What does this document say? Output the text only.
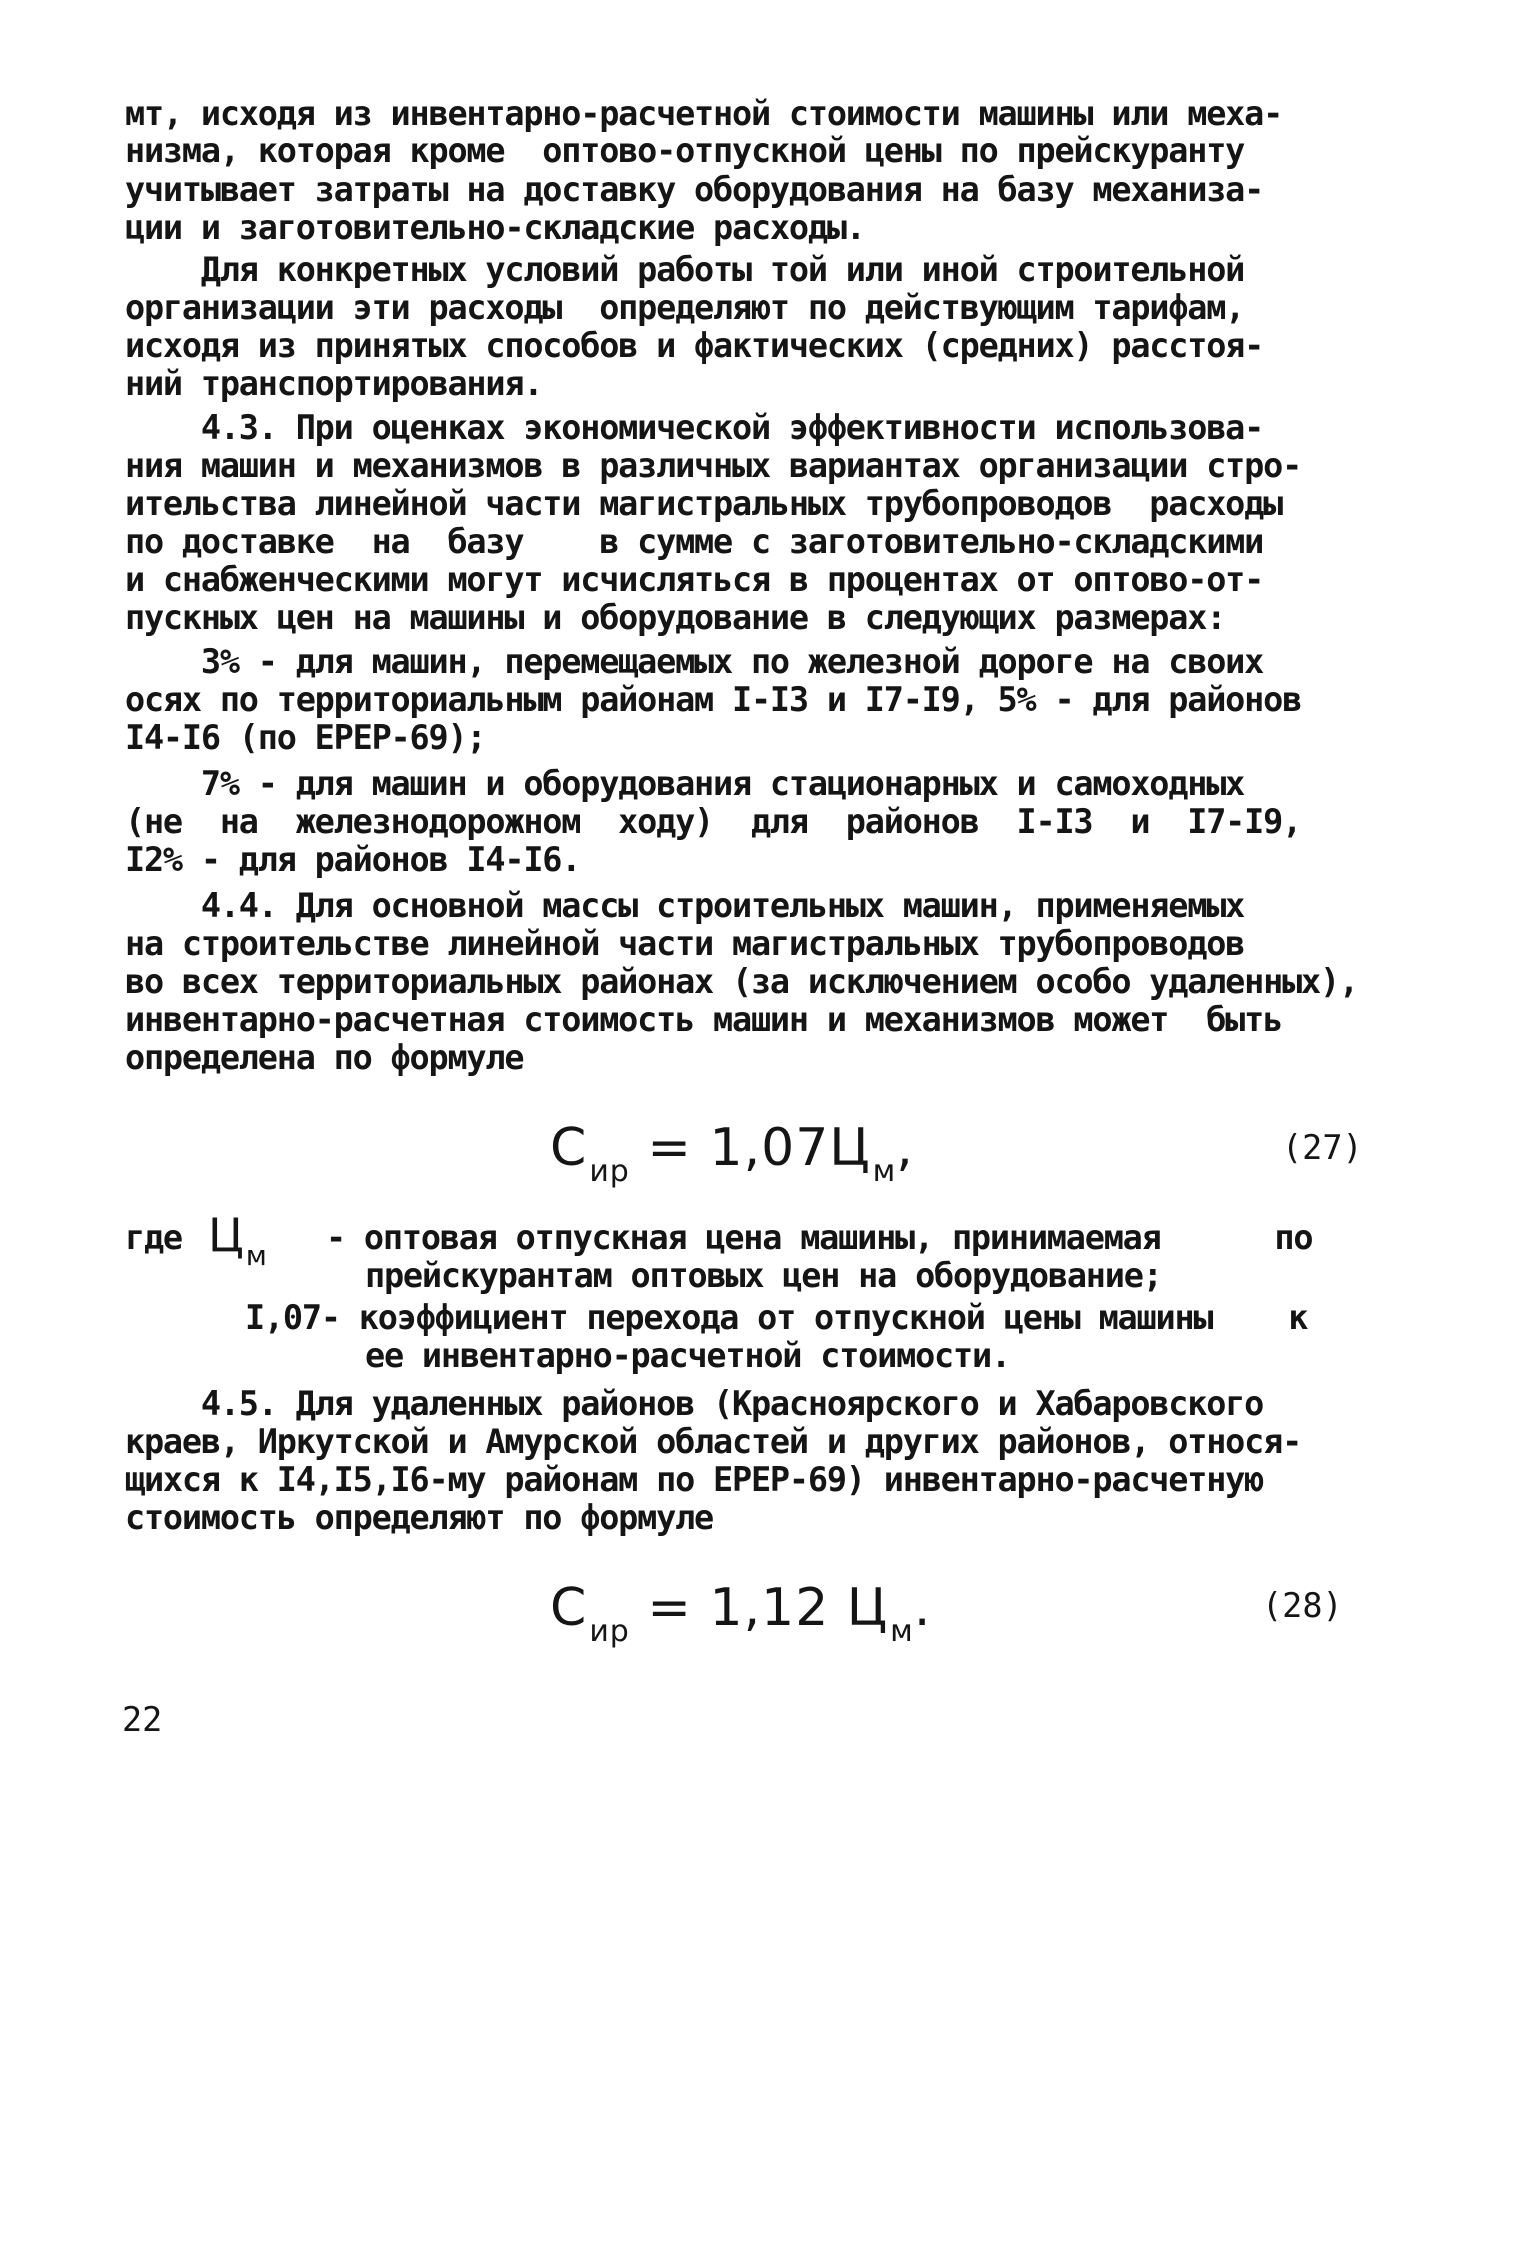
мт, исходя из инвентарно-расчетной стоимости машины или меха-
низма, которая кроме  оптово-отпускной цены по прейскуранту
учитывает затраты на доставку оборудования на базу механиза-
ции и заготовительно-складские расходы.
Для конкретных условий работы той или иной строительной
организации эти расходы  определяют по действующим тарифам,
исходя из принятых способов и фактических (средних) расстоя-
ний транспортирования.
4.3. При оценках экономической эффективности использова-
ния машин и механизмов в различных вариантах организации стро-
ительства линейной части магистральных трубопроводов  расходы
по доставке  на  базу    в сумме с заготовительно-складскими
и снабженческими могут исчисляться в процентах от оптово-от-
пускных цен на машины и оборудование в следующих размерах:
3% - для машин, перемещаемых по железной дороге на своих
осях по территориальным районам I-I3 и I7-I9, 5% - для районов
I4-I6 (по ЕРЕР-69);
7% - для машин и оборудования стационарных и самоходных
(не  на  железнодорожном  ходу)  для  районов  I-I3  и  I7-I9,
I2% - для районов I4-I6.
4.4. Для основной массы строительных машин, применяемых
на строительстве линейной части магистральных трубопроводов
во всех территориальных районах (за исключением особо удаленных),
инвентарно-расчетная стоимость машин и механизмов может  быть
определена по формуле
$С_{ир} = 1,07Ц_м$,	(27)
где $Ц_м$ - оптовая отпускная цена машины, принимаемая      по
прейскурантам оптовых цен на оборудование;
I,07- коэффициент перехода от отпускной цены машины    к
ее инвентарно-расчетной стоимости.
4.5. Для удаленных районов (Красноярского и Хабаровского
краев, Иркутской и Амурской областей и других районов, относя-
щихся к I4,I5,I6-му районам по ЕРЕР-69) инвентарно-расчетную
стоимость определяют по формуле
$С_{ир} = 1,12$ $Ц_м$.	(28)
22
